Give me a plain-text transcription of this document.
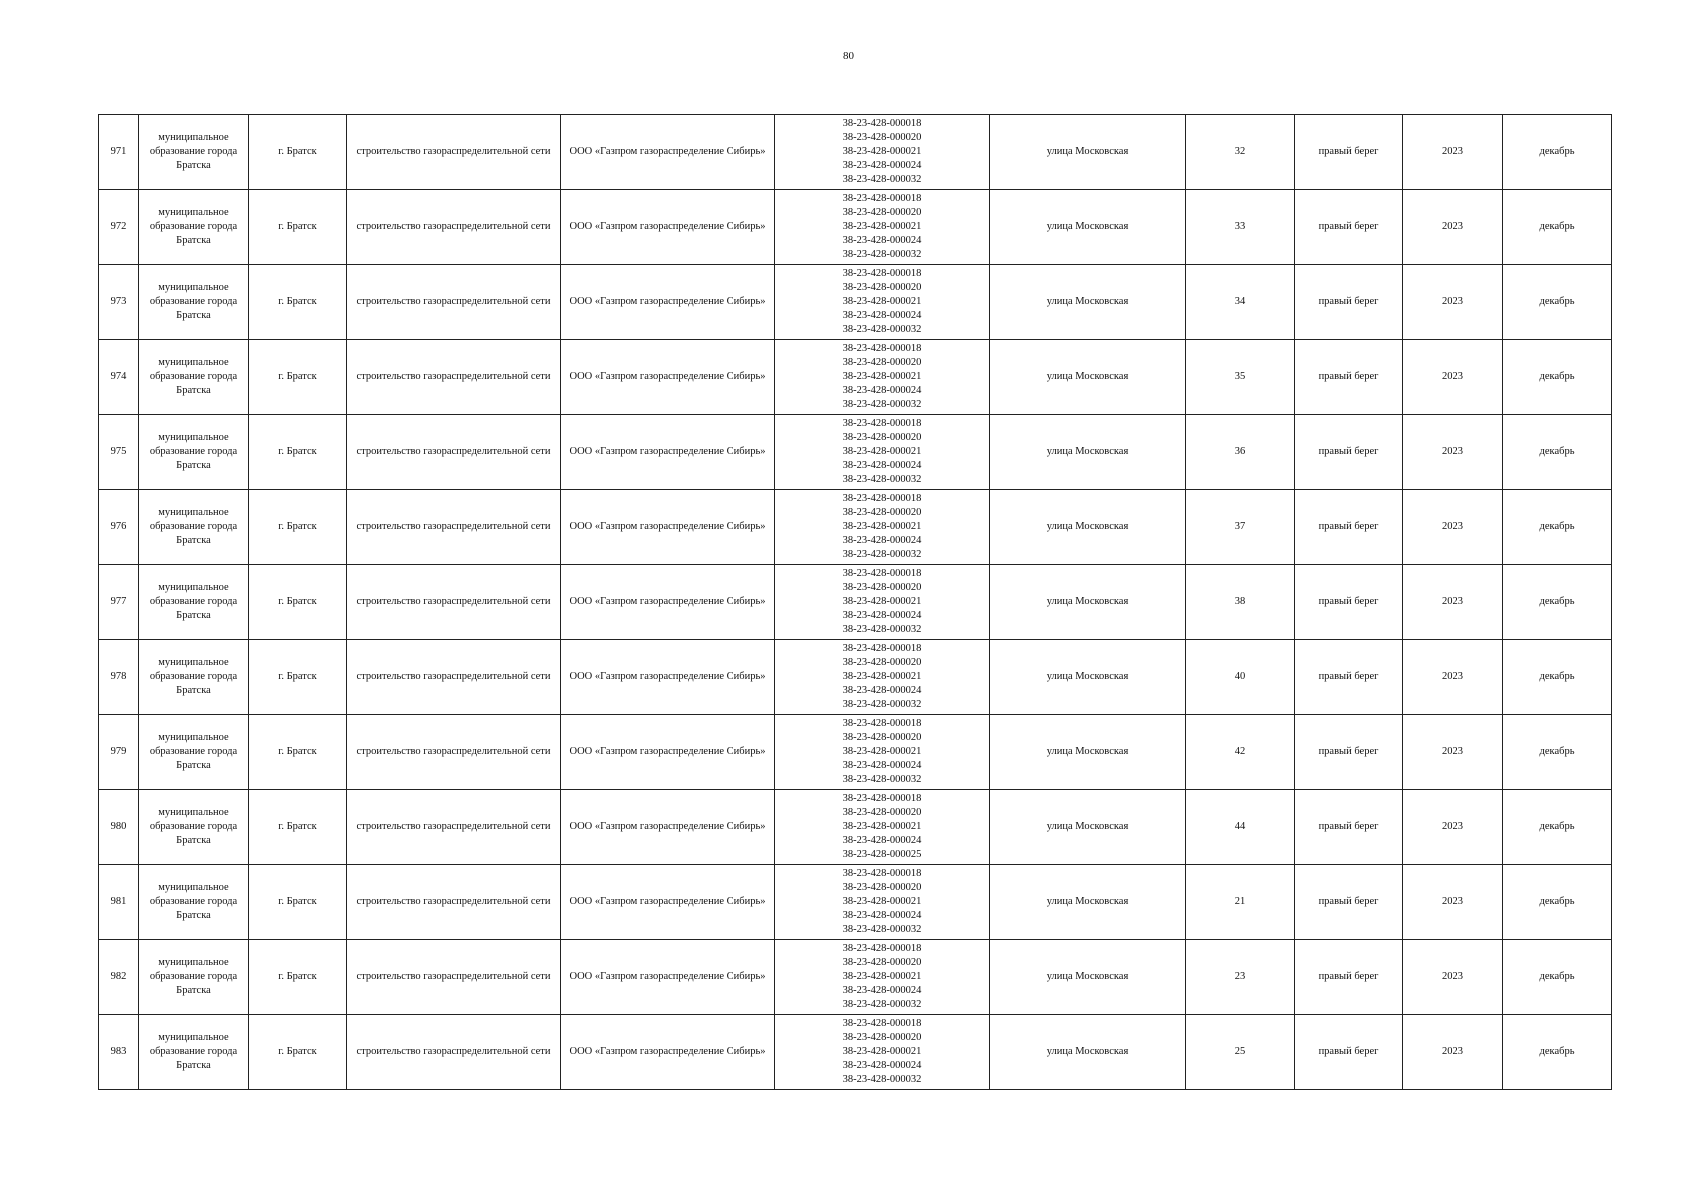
80
971	муниципальное образование города Братска	г. Братск	строительство газораспределительной сети	ООО «Газпром газораспределение Сибирь»	38-23-428-000018
38-23-428-000020
38-23-428-000021
38-23-428-000024
38-23-428-000032	улица Московская	32	правый берег	2023	декабрь
972	муниципальное образование города Братска	г. Братск	строительство газораспределительной сети	ООО «Газпром газораспределение Сибирь»	38-23-428-000018
38-23-428-000020
38-23-428-000021
38-23-428-000024
38-23-428-000032	улица Московская	33	правый берег	2023	декабрь
973	муниципальное образование города Братска	г. Братск	строительство газораспределительной сети	ООО «Газпром газораспределение Сибирь»	38-23-428-000018
38-23-428-000020
38-23-428-000021
38-23-428-000024
38-23-428-000032	улица Московская	34	правый берег	2023	декабрь
974	муниципальное образование города Братска	г. Братск	строительство газораспределительной сети	ООО «Газпром газораспределение Сибирь»	38-23-428-000018
38-23-428-000020
38-23-428-000021
38-23-428-000024
38-23-428-000032	улица Московская	35	правый берег	2023	декабрь
975	муниципальное образование города Братска	г. Братск	строительство газораспределительной сети	ООО «Газпром газораспределение Сибирь»	38-23-428-000018
38-23-428-000020
38-23-428-000021
38-23-428-000024
38-23-428-000032	улица Московская	36	правый берег	2023	декабрь
976	муниципальное образование города Братска	г. Братск	строительство газораспределительной сети	ООО «Газпром газораспределение Сибирь»	38-23-428-000018
38-23-428-000020
38-23-428-000021
38-23-428-000024
38-23-428-000032	улица Московская	37	правый берег	2023	декабрь
977	муниципальное образование города Братска	г. Братск	строительство газораспределительной сети	ООО «Газпром газораспределение Сибирь»	38-23-428-000018
38-23-428-000020
38-23-428-000021
38-23-428-000024
38-23-428-000032	улица Московская	38	правый берег	2023	декабрь
978	муниципальное образование города Братска	г. Братск	строительство газораспределительной сети	ООО «Газпром газораспределение Сибирь»	38-23-428-000018
38-23-428-000020
38-23-428-000021
38-23-428-000024
38-23-428-000032	улица Московская	40	правый берег	2023	декабрь
979	муниципальное образование города Братска	г. Братск	строительство газораспределительной сети	ООО «Газпром газораспределение Сибирь»	38-23-428-000018
38-23-428-000020
38-23-428-000021
38-23-428-000024
38-23-428-000032	улица Московская	42	правый берег	2023	декабрь
980	муниципальное образование города Братска	г. Братск	строительство газораспределительной сети	ООО «Газпром газораспределение Сибирь»	38-23-428-000018
38-23-428-000020
38-23-428-000021
38-23-428-000024
38-23-428-000025	улица Московская	44	правый берег	2023	декабрь
981	муниципальное образование города Братска	г. Братск	строительство газораспределительной сети	ООО «Газпром газораспределение Сибирь»	38-23-428-000018
38-23-428-000020
38-23-428-000021
38-23-428-000024
38-23-428-000032	улица Московская	21	правый берег	2023	декабрь
982	муниципальное образование города Братска	г. Братск	строительство газораспределительной сети	ООО «Газпром газораспределение Сибирь»	38-23-428-000018
38-23-428-000020
38-23-428-000021
38-23-428-000024
38-23-428-000032	улица Московская	23	правый берег	2023	декабрь
983	муниципальное образование города Братска	г. Братск	строительство газораспределительной сети	ООО «Газпром газораспределение Сибирь»	38-23-428-000018
38-23-428-000020
38-23-428-000021
38-23-428-000024
38-23-428-000032	улица Московская	25	правый берег	2023	декабрь
